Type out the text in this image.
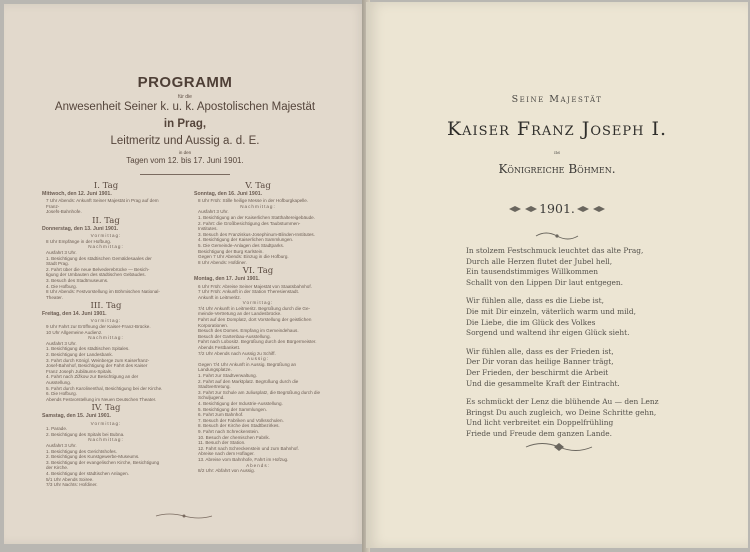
PROGRAMM
für die
Anwesenheit Seiner k. u. k. Apostolischen Majestät
in Prag,
Leitmeritz und Aussig a. d. E.
in den
Tagen vom 12. bis 17. Juni 1901.
I. Tag
Mittwoch, den 12. Juni 1901.
7 Uhr Abends: Ankunft Seiner Majestät in Prag auf dem Franz-
Josefs-Bahnhofe.
II. Tag
Donnerstag, den 13. Juni 1901.
Vormittag:
8 Uhr Empfänge in der Hofburg.
Nachmittag:
Ausfahrt 3 Uhr.
1. Besichtigung des städtischen Gemäldesaales der
Stadt Prag.
2. Fahrt über die neue Belvederebrücke — Besich-
tigung der Umbauten des städtischen Gebäudes.
3. Besuch des Stadtmuseums.
4. Die Hofburg.
8 Uhr Abends: Festvorstellung im Böhmischen National-Theater.
III. Tag
Freitag, den 14. Juni 1901.
Vormittag:
9 Uhr Fahrt zur Eröffnung der Kaiser-Franz-Brücke.
10 Uhr Allgemeine Audienz.
Nachmittag:
Ausfahrt 3 Uhr.
1. Besichtigung des städtischen Spitales.
2. Besichtigung der Landesbank.
3. Fahrt durch Königl. Weinberge zum Kaiserfranz-
Josef-Bahnhof, Besichtigung der Fahrt des Kaiser
Franz Joseph Jubiläums-Spitals.
4. Fahrt nach Zižkow zur Besichtigung an der
Ausstellung.
5. Fahrt durch Karolinenthal, Besichtigung bei der Kirche.
6. Die Hofburg.
Abends Festvorstellung im Neuen Deutschen Theater.
IV. Tag
Samstag, den 15. Juni 1901.
Vormittag:
1. Parade.
2. Besichtigung des Spitals bei Bubna.
Nachmittag:
Ausfahrt 3 Uhr.
1. Besichtigung des Gerichtshofes.
2. Besichtigung des Kunstgewerbe-Museums.
3. Besichtigung der evangelischen Kirche, Besichtigung
der Kirche.
4. Besichtigung der städtischen Anlagen.
5/1 Uhr Abends Soiree.
7/3 Uhr Nachts: Hofdiner.
V. Tag
Sonntag, den 16. Juni 1901.
8 Uhr Früh: Stille heilige Messe in der Hofburgkapelle.
Nachmittag:
Ausfahrt 3 Uhr.
1. Besichtigung an der Kaiserlichen Statthaltereigebäude.
2. Fahrt: die Großbesichtigung des Taubstummen-
Institutes.
3. Besuch des Franziskus-Josephinum-Blinden-Institutes.
4. Besichtigung der Kaiserlichen Sammlungen.
5. Die Gemeinde-Anlagen des Stadtparks.
Besichtigung der Burg Karlstein.
Gegen 7 Uhr Abends: Einzug in die Hofburg.
8 Uhr Abends: Hofdiner.
VI. Tag
Montag, den 17. Juni 1901.
6 Uhr Früh: Abreise Seiner Majestät von Staatsbahnhof.
7 Uhr Früh: Ankunft in der Station Theresienstadt.
Ankunft in Leitmeritz.
Vormittag:
7/4 Uhr Ankunft in Leitmeritz. Begrüßung durch die Ge-
meinde-Vertretung an der Landesbrücke.
Fahrt auf den Domplatz, dort Vorstellung der geistlichen Korporationen.
Besuch des Domes. Empfang im Gemeindehaus.
Besuch der Gartenbau-Ausstellung.
Fahrt nach Lobositz. Begrüßung durch den Bürgermeister.
Abends Festbankett.
7/2 Uhr Abends nach Aussig zu Schiff.
Aussig:
Gegen 7/4 Uhr Ankunft in Aussig. Begrüßung an Landungsplatze.
1. Fahrt zur Stadtverwaltung.
2. Fahrt auf den Marktplatz. Begrüßung durch die Stadtvertretung.
3. Fahrt zur Schule am Juliusplatz, die Begrüßung durch die Schuljugend.
4. Besichtigung der Industrie-Ausstellung.
5. Besichtigung der Sammlungen.
6. Fahrt zum Bahnhof.
7. Besuch der Fabriken und Volksschulen.
8. Besuch der Kirche des Stadtbezirkes.
9. Fahrt nach Schreckenstein.
10. Besuch der chemischen Fabrik.
11. Besuch der Station.
12. Fahrt nach Schreckenstein und zum Bahnhof.
Abreise nach dem Hoflager.
13. Abreise vom Bahnhofe, Fahrt im Hofzug.
Abends:
8/2 Uhr: Abfahrt von Aussig.
Seine Majestät
Kaiser Franz Joseph I.
im
Königreiche Böhmen.
1901.
In stolzem Festschmuck leuchtet das alte Prag,
Durch alle Herzen flutet der Jubel hell,
Ein tausendstimmiges Willkommen
Schallt von den Lippen Dir laut entgegen.
Wir fühlen alle, dass es die Liebe ist,
Die mit Dir einzeln, väterlich warm und mild,
Die Liebe, die im Glück des Volkes
Sorgend und waltend ihr eigen Glück sieht.
Wir fühlen alle, dass es der Frieden ist,
Der Dir voran das heilige Banner trägt,
Der Frieden, der beschirmt die Arbeit
Und die gesammelte Kraft der Eintracht.
Es schmückt der Lenz die blühende Au — den Lenz
Bringst Du auch zugleich, wo Deine Schritte gehn,
Und licht verbreitet ein Doppelfrühling
Friede und Freude dem ganzen Lande.
